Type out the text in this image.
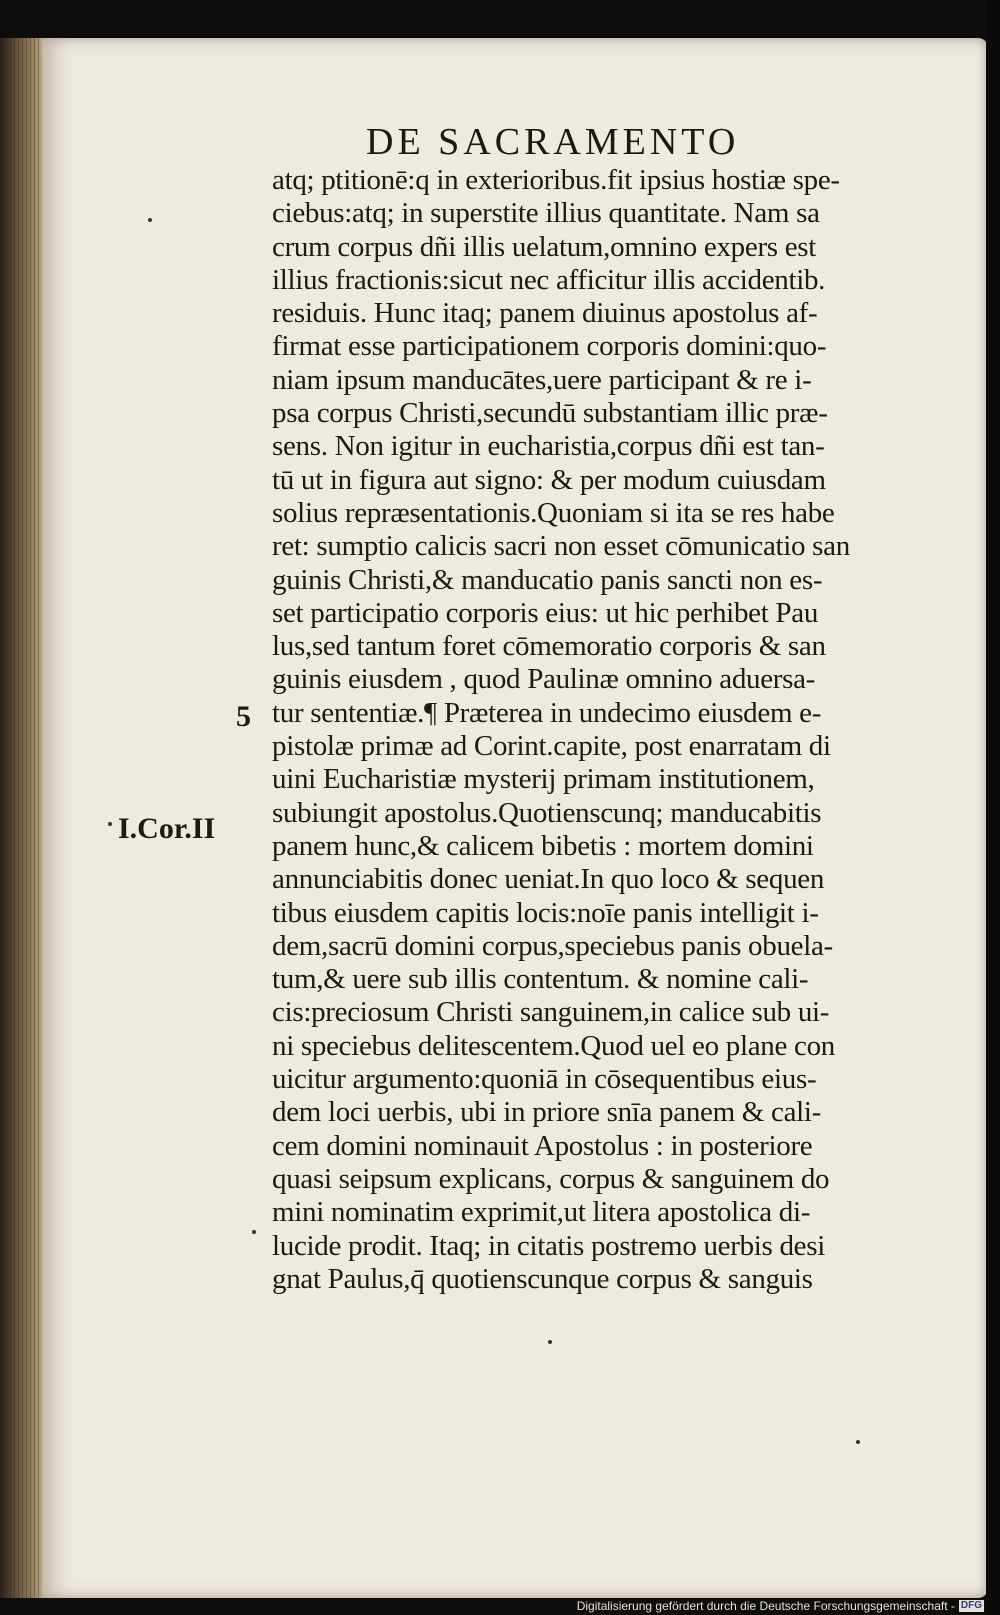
DE SACRAMENTO
atq; ptitionē:q in exterioribus.fit ipsius hostiæ spe-
ciebus:atq; in superstite illius quantitate. Nam sa
crum corpus dñi illis uelatum,omnino expers est
illius fractionis:sicut nec afficitur illis accidentib.
residuis. Hunc itaq; panem diuinus apostolus af-
firmat esse participationem corporis domini:quo-
niam ipsum manducātes,uere participant & re i-
psa corpus Christi,secundū substantiam illic præ-
sens. Non igitur in eucharistia,corpus dñi est tan-
tū ut in figura aut signo: & per modum cuiusdam
solius repræsentationis.Quoniam si ita se res habe
ret: sumptio calicis sacri non esset cōmunicatio san
guinis Christi,& manducatio panis sancti non es-
set participatio corporis eius: ut hic perhibet Pau
lus,sed tantum foret cōmemoratio corporis & san
guinis eiusdem , quod Paulinæ omnino aduersa-
tur sententiæ.¶ Præterea in undecimo eiusdem e-
pistolæ primæ ad Corint.capite, post enarratam di
uini Eucharistiæ mysterij primam institutionem,
subiungit apostolus.Quotienscunq; manducabitis
panem hunc,& calicem bibetis : mortem domini
annunciabitis donec ueniat.In quo loco & sequen
tibus eiusdem capitis locis:noīe panis intelligit i-
dem,sacrū domini corpus,speciebus panis obuela-
tum,& uere sub illis contentum. & nomine cali-
cis:preciosum Christi sanguinem,in calice sub ui-
ni speciebus delitescentem.Quod uel eo plane con
uicitur argumento:quoniā in cōsequentibus eius-
dem loci uerbis, ubi in priore snīa panem & cali-
cem domini nominauit Apostolus : in posteriore
quasi seipsum explicans, corpus & sanguinem do
mini nominatim exprimit,ut litera apostolica di-
lucide prodit. Itaq; in citatis postremo uerbis desi
gnat Paulus,q̄ quotienscunque corpus & sanguis
5
I.Cor.II
Digitalisierung gefördert durch die Deutsche Forschungsgemeinschaft - DFG
